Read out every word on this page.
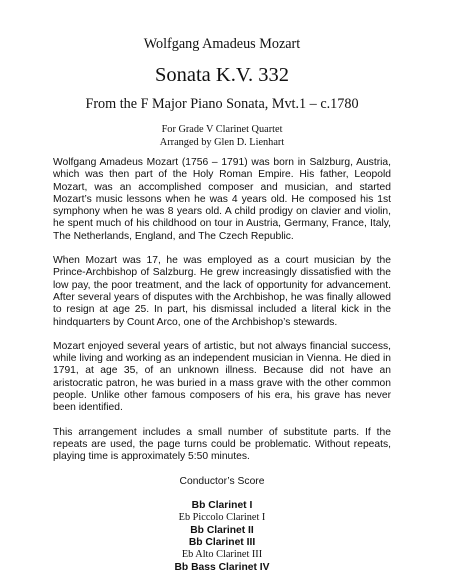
Wolfgang Amadeus Mozart
Sonata K.V. 332
From the F Major Piano Sonata, Mvt.1 – c.1780
For Grade V Clarinet Quartet
Arranged by Glen D. Lienhart

Wolfgang Amadeus Mozart (1756 – 1791) was born in Salzburg, Austria, which was then part of the Holy Roman Empire. His father, Leopold Mozart, was an accomplished composer and musician, and started Mozart’s music lessons when he was 4 years old. He composed his 1st symphony when he was 8 years old. A child prodigy on clavier and violin, he spent much of his childhood on tour in Austria, Germany, France, Italy, The Netherlands, England, and The Czech Republic.

When Mozart was 17, he was employed as a court musician by the Prince-Archbishop of Salzburg. He grew increasingly dissatisfied with the low pay, the poor treatment, and the lack of opportunity for advancement. After several years of disputes with the Archbishop, he was finally allowed to resign at age 25. In part, his dismissal included a literal kick in the hindquarters by Count Arco, one of the Archbishop’s stewards.

Mozart enjoyed several years of artistic, but not always financial success, while living and working as an independent musician in Vienna. He died in 1791, at age 35, of an unknown illness. Because did not have an aristocratic patron, he was buried in a mass grave with the other common people. Unlike other famous composers of his era, his grave has never been identified.

This arrangement includes a small number of substitute parts. If the repeats are used, the page turns could be problematic. Without repeats, playing time is approximately 5:50 minutes.

Conductor’s Score
Bb Clarinet I
Eb Piccolo Clarinet I
Bb Clarinet II
Bb Clarinet III
Eb Alto Clarinet III
Bb Bass Clarinet IV
